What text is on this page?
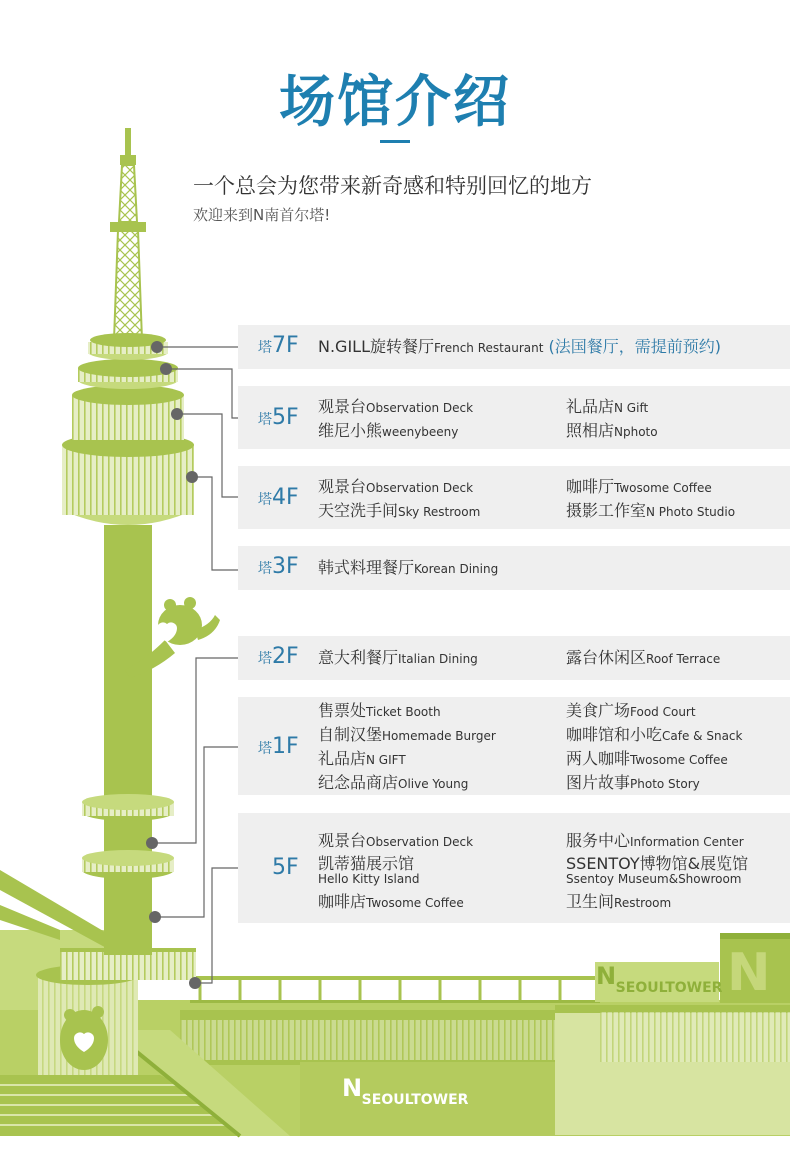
N
N SEOULTOWER
N SEOULTOWER
场馆介绍
一个总会为您带来新奇感和特别回忆的地方
欢迎来到N南首尔塔!
塔7F N.GILL旋转餐厅French Restaurant (法国餐厅，需提前预约)
塔5F 观景台Observation Deck
维尼小熊weenybeeny
礼品店N Gift
照相店Nphoto
塔4F 观景台Observation Deck
天空洗手间Sky Restroom
咖啡厅Twosome Coffee
摄影工作室N Photo Studio
塔3F 韩式料理餐厅Korean Dining
塔2F 意大利餐厅Italian Dining	露台休闲区Roof Terrace
塔1F
售票处Ticket Booth
自制汉堡Homemade Burger
礼品店N GIFT
纪念品商店Olive Young
美食广场Food Court
咖啡馆和小吃Cafe & Snack
两人咖啡Twosome Coffee
图片故事Photo Story
5F
观景台Observation Deck
凯蒂猫展示馆
Hello Kitty Island
咖啡店Twosome Coffee
服务中心Information Center
SSENTOY博物馆&展览馆
Ssentoy Museum&Showroom
卫生间Restroom
